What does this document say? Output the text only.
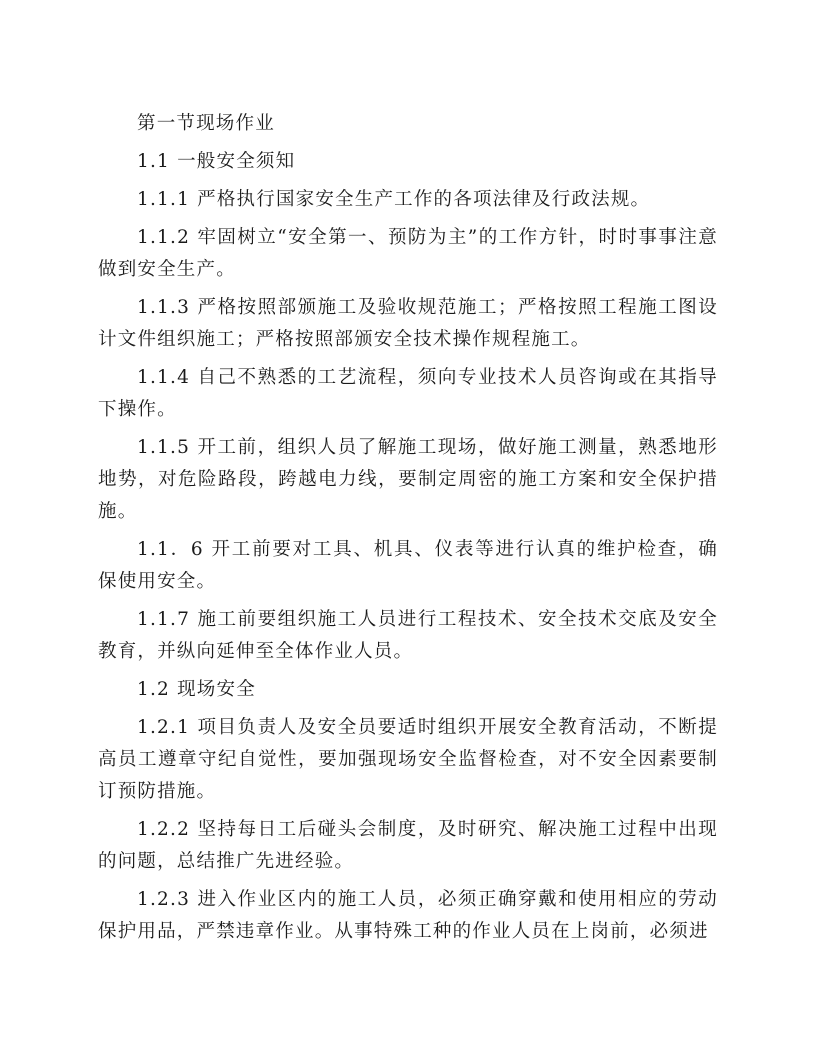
第一节现场作业

1.1 一般安全须知

1.1.1 严格执行国家安全生产工作的各项法律及行政法规。

1.1.2 牢固树立“安全第一、预防为主”的工作方针，时时事事注意做到安全生产。

1.1.3 严格按照部颁施工及验收规范施工；严格按照工程施工图设计文件组织施工；严格按照部颁安全技术操作规程施工。

1.1.4 自己不熟悉的工艺流程，须向专业技术人员咨询或在其指导下操作。

1.1.5 开工前，组织人员了解施工现场，做好施工测量，熟悉地形地势，对危险路段，跨越电力线，要制定周密的施工方案和安全保护措施。

1.1．6 开工前要对工具、机具、仪表等进行认真的维护检查，确保使用安全。

1.1.7 施工前要组织施工人员进行工程技术、安全技术交底及安全教育，并纵向延伸至全体作业人员。

1.2 现场安全

1.2.1 项目负责人及安全员要适时组织开展安全教育活动，不断提高员工遵章守纪自觉性，要加强现场安全监督检查，对不安全因素要制订预防措施。

1.2.2 坚持每日工后碰头会制度，及时研究、解决施工过程中出现的问题，总结推广先进经验。

1.2.3 进入作业区内的施工人员，必须正确穿戴和使用相应的劳动保护用品，严禁违章作业。从事特殊工种的作业人员在上岗前，必须进
